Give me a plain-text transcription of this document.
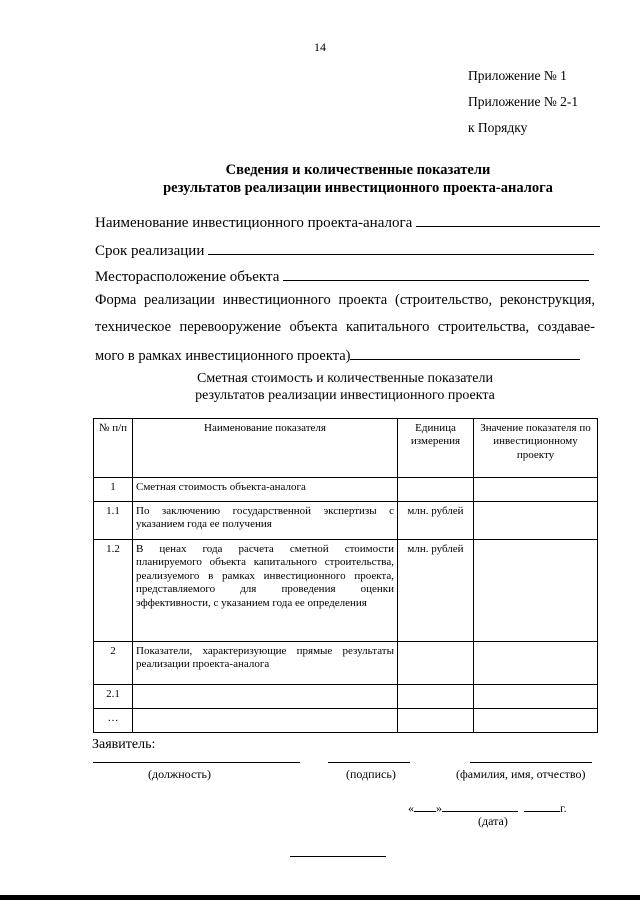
14
Приложение № 1
Приложение № 2-1
к Порядку
Сведения и количественные показатели
результатов реализации инвестиционного проекта-аналога
Наименование инвестиционного проекта-аналога
Срок реализации
Месторасположение объекта
Форма реализации инвестиционного проекта (строительство, реконструкция,
техническое перевооружение объекта капитального строительства, создавае-
мого в рамках инвестиционного проекта)
Сметная стоимость и количественные показатели
результатов реализации инвестиционного проекта
№ п/п	Наименование показателя	Единица измерения	Значение показателя по инвестиционному проекту
1	Сметная стоимость объекта-аналога		
1.1	По заключению государственной экспертизы с указанием года ее получения	млн. рублей	
1.2	В ценах года расчета сметной стоимости планируемого объекта капитального строительства, реализуемого в рамках инвестиционного проекта, представляемого для проведения оценки эффективности, с указанием года ее определения	млн. рублей	
2	Показатели, характеризующие прямые результаты реализации проекта-аналога		
2.1			
…			
Заявитель:
(должность)	(подпись)	(фамилия, имя, отчество)
« »	г.
(дата)
